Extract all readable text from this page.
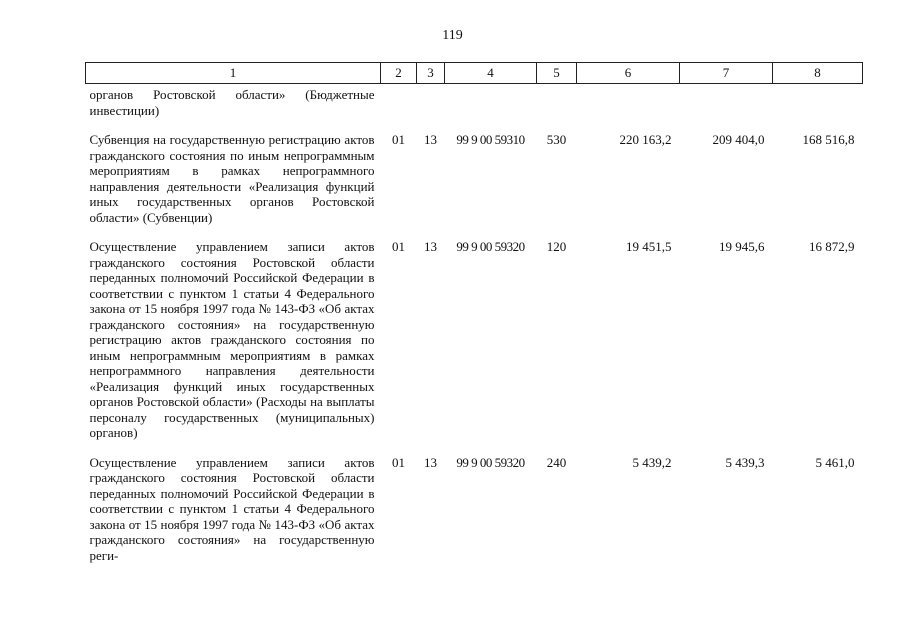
119
1	2	3	4	5	6	7	8
органов Ростовской области» (Бюджетные инвестиции)							
Субвенция на государственную регистрацию актов гражданского состояния по иным непрограммным мероприятиям в рамках непрограммного направления деятельности «Реализация функций иных государственных органов Ростовской области» (Субвенции)	01	13	99 9 00 59310	530	220 163,2	209 404,0	168 516,8
Осуществление управлением записи актов гражданского состояния Ростовской области переданных полномочий Российской Федерации в соответствии с пунктом 1 статьи 4 Федерального закона от 15 ноября 1997 года № 143-ФЗ «Об актах гражданского состояния» на государственную регистрацию актов гражданского состояния по иным непрограммным мероприятиям в рамках непрограммного направления деятельности «Реализация функций иных государственных органов Ростовской области» (Расходы на выплаты персоналу государственных (муниципальных) органов)	01	13	99 9 00 59320	120	19 451,5	19 945,6	16 872,9
Осуществление управлением записи актов гражданского состояния Ростовской области переданных полномочий Российской Федерации в соответствии с пунктом 1 статьи 4 Федерального закона от 15 ноября 1997 года № 143-ФЗ «Об актах гражданского состояния» на государственную реги-	01	13	99 9 00 59320	240	5 439,2	5 439,3	5 461,0
